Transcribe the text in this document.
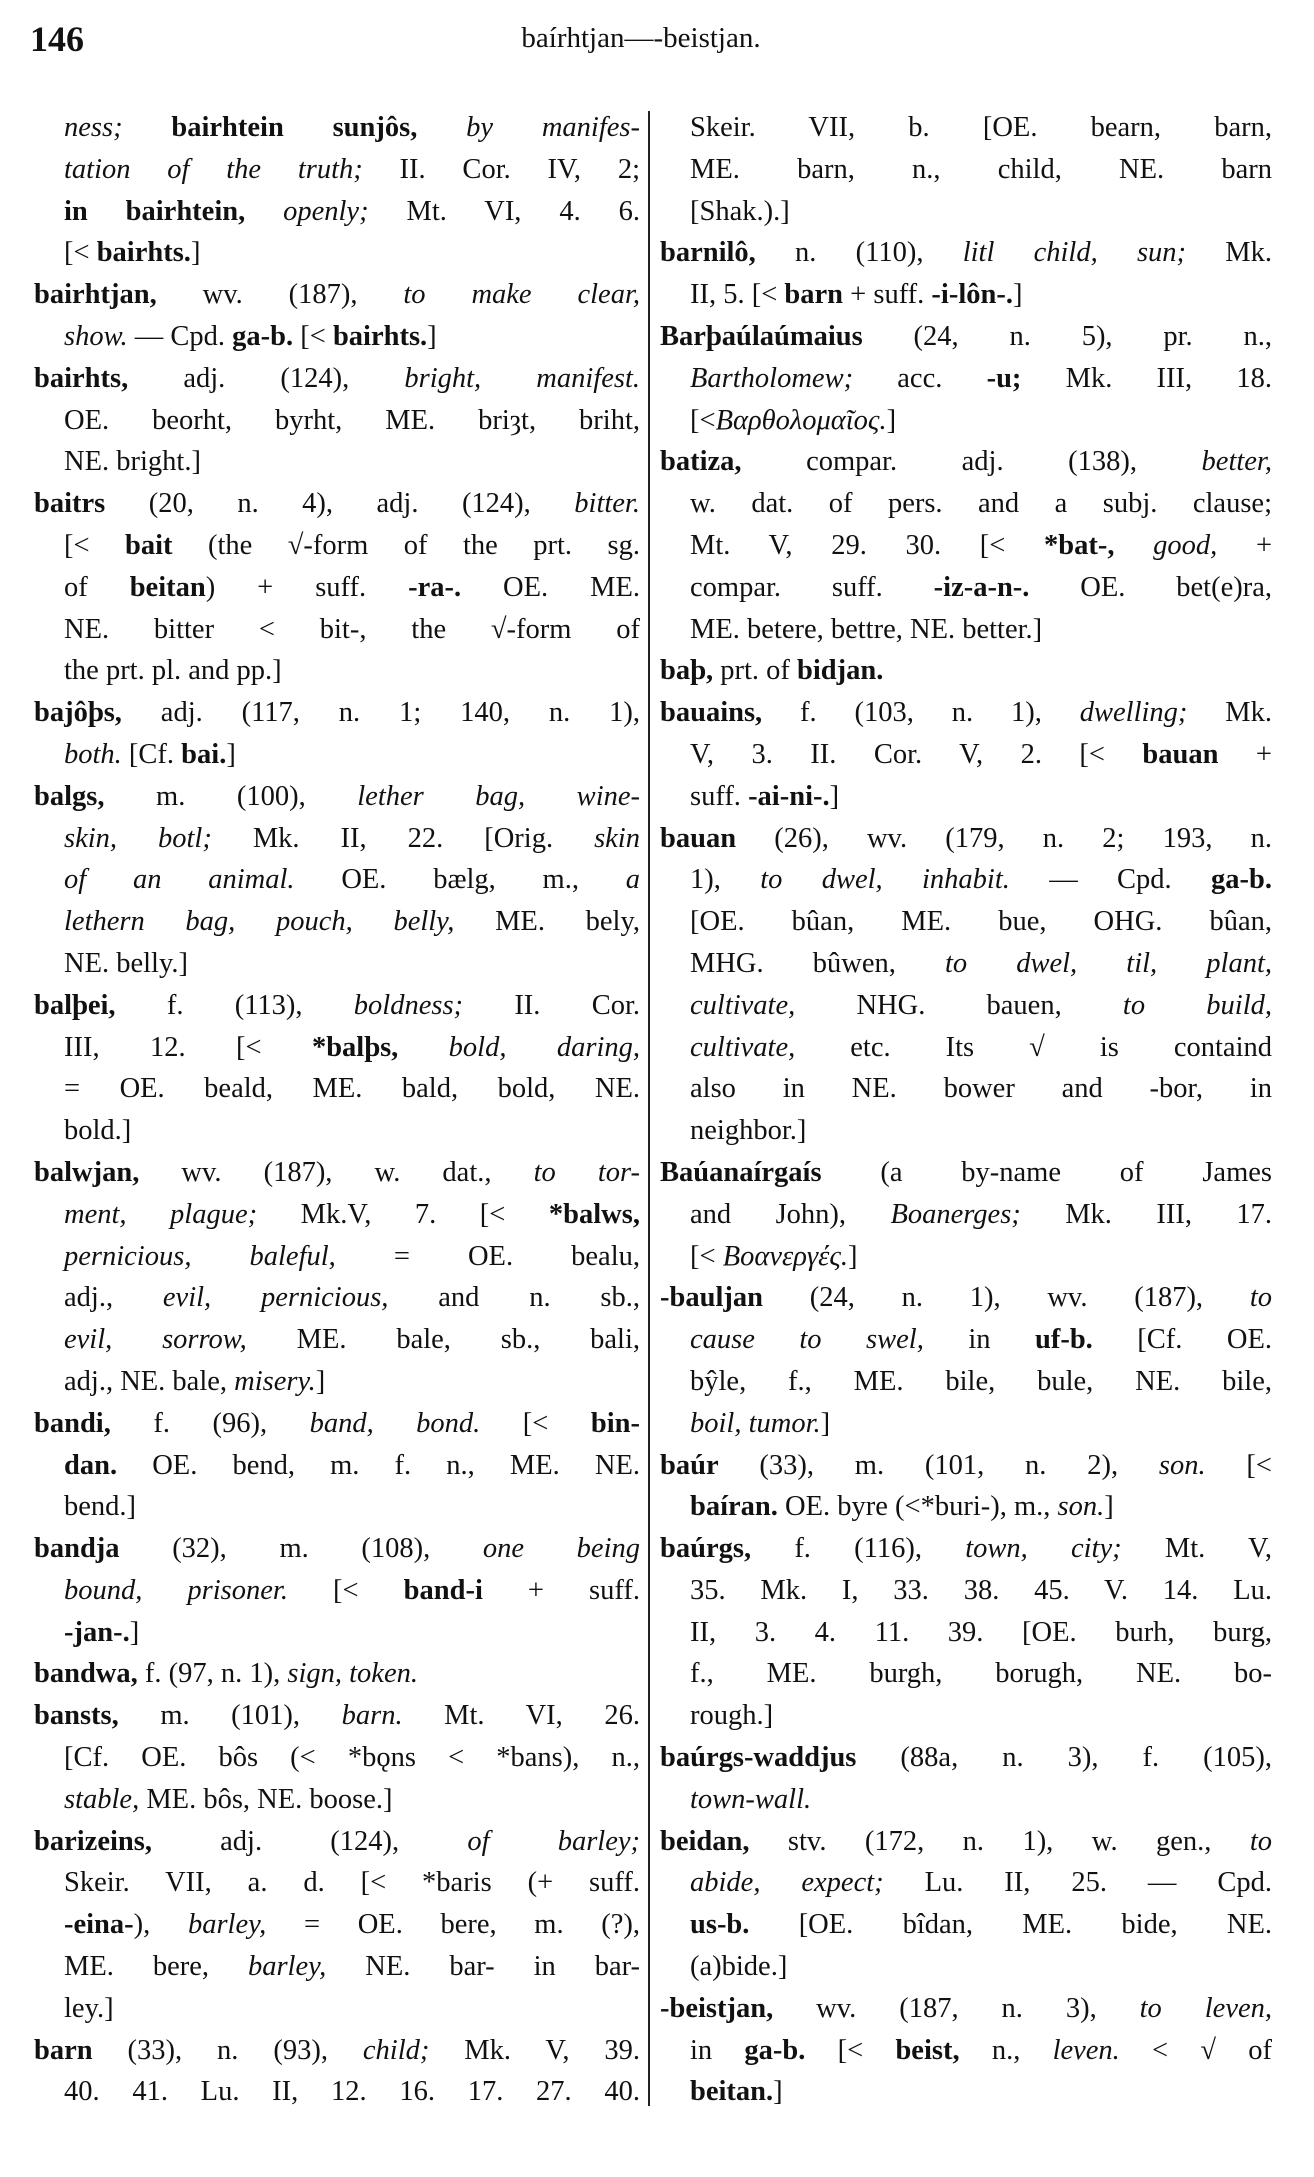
146	baírhtjan—-beistjan.
ness; bairhtein sunjôs, by manifes-
tation of the truth; II. Cor. IV, 2;
in bairhtein, openly; Mt. VI, 4. 6.
[< bairhts.]
bairhtjan, wv. (187), to make clear,
show. — Cpd. ga-b. [< bairhts.]
bairhts, adj. (124), bright, manifest.
OE. beorht, byrht, ME. briȝt, briht,
NE. bright.]
baitrs (20, n. 4), adj. (124), bitter.
[< bait (the √-form of the prt. sg.
of beitan) + suff. -ra-. OE. ME.
NE. bitter < bit-, the √-form of
the prt. pl. and pp.]
bajôþs, adj. (117, n. 1; 140, n. 1),
both. [Cf. bai.]
balgs, m. (100), lether bag, wine-
skin, botl; Mk. II, 22. [Orig. skin
of an animal. OE. bælg, m., a
lethern bag, pouch, belly, ME. bely,
NE. belly.]
balþei, f. (113), boldness; II. Cor.
III, 12. [< *balþs, bold, daring,
= OE. beald, ME. bald, bold, NE.
bold.]
balwjan, wv. (187), w. dat., to tor-
ment, plague; Mk.V, 7. [< *balws,
pernicious, baleful, = OE. bealu,
adj., evil, pernicious, and n. sb.,
evil, sorrow, ME. bale, sb., bali,
adj., NE. bale, misery.]
bandi, f. (96), band, bond. [< bin-
dan. OE. bend, m. f. n., ME. NE.
bend.]
bandja (32), m. (108), one being
bound, prisoner. [< band-i + suff.
-jan-.]
bandwa, f. (97, n. 1), sign, token.
bansts, m. (101), barn. Mt. VI, 26.
[Cf. OE. bôs (< *bǫns < *bans), n.,
stable, ME. bôs, NE. boose.]
barizeins, adj. (124), of barley;
Skeir. VII, a. d. [< *baris (+ suff.
-eina-), barley, = OE. bere, m. (?),
ME. bere, barley, NE. bar- in bar-
ley.]
barn (33), n. (93), child; Mk. V, 39.
40. 41. Lu. II, 12. 16. 17. 27. 40.
Skeir. VII, b. [OE. bearn, barn,
ME. barn, n., child, NE. barn
[Shak.).]
barnilô, n. (110), litl child, sun; Mk.
II, 5. [< barn + suff. -i-lôn-.]
Barþaúlaúmaius (24, n. 5), pr. n.,
Bartholomew; acc. -u; Mk. III, 18.
[<Βαρθολομαῖος.]
batiza, compar. adj. (138), better,
w. dat. of pers. and a subj. clause;
Mt. V, 29. 30. [< *bat-, good, +
compar. suff. -iz-a-n-. OE. bet(e)ra,
ME. betere, bettre, NE. better.]
baþ, prt. of bidjan.
bauains, f. (103, n. 1), dwelling; Mk.
V, 3. II. Cor. V, 2. [< bauan +
suff. -ai-ni-.]
bauan (26), wv. (179, n. 2; 193, n.
1), to dwel, inhabit. — Cpd. ga-b.
[OE. bûan, ME. bue, OHG. bûan,
MHG. bûwen, to dwel, til, plant,
cultivate, NHG. bauen, to build,
cultivate, etc. Its √ is containd
also in NE. bower and -bor, in
neighbor.]
Baúanaírgaís (a by-name of James
and John), Boanerges; Mk. III, 17.
[< Βοανεργές.]
-bauljan (24, n. 1), wv. (187), to
cause to swel, in uf-b. [Cf. OE.
bŷle, f., ME. bile, bule, NE. bile,
boil, tumor.]
baúr (33), m. (101, n. 2), son. [<
baíran. OE. byre (<*buri-), m., son.]
baúrgs, f. (116), town, city; Mt. V,
35. Mk. I, 33. 38. 45. V. 14. Lu.
II, 3. 4. 11. 39. [OE. burh, burg,
f., ME. burgh, borugh, NE. bo-
rough.]
baúrgs-waddjus (88a, n. 3), f. (105),
town-wall.
beidan, stv. (172, n. 1), w. gen., to
abide, expect; Lu. II, 25. — Cpd.
us-b. [OE. bîdan, ME. bide, NE.
(a)bide.]
-beistjan, wv. (187, n. 3), to leven,
in ga-b. [< beist, n., leven. < √ of
beitan.]
